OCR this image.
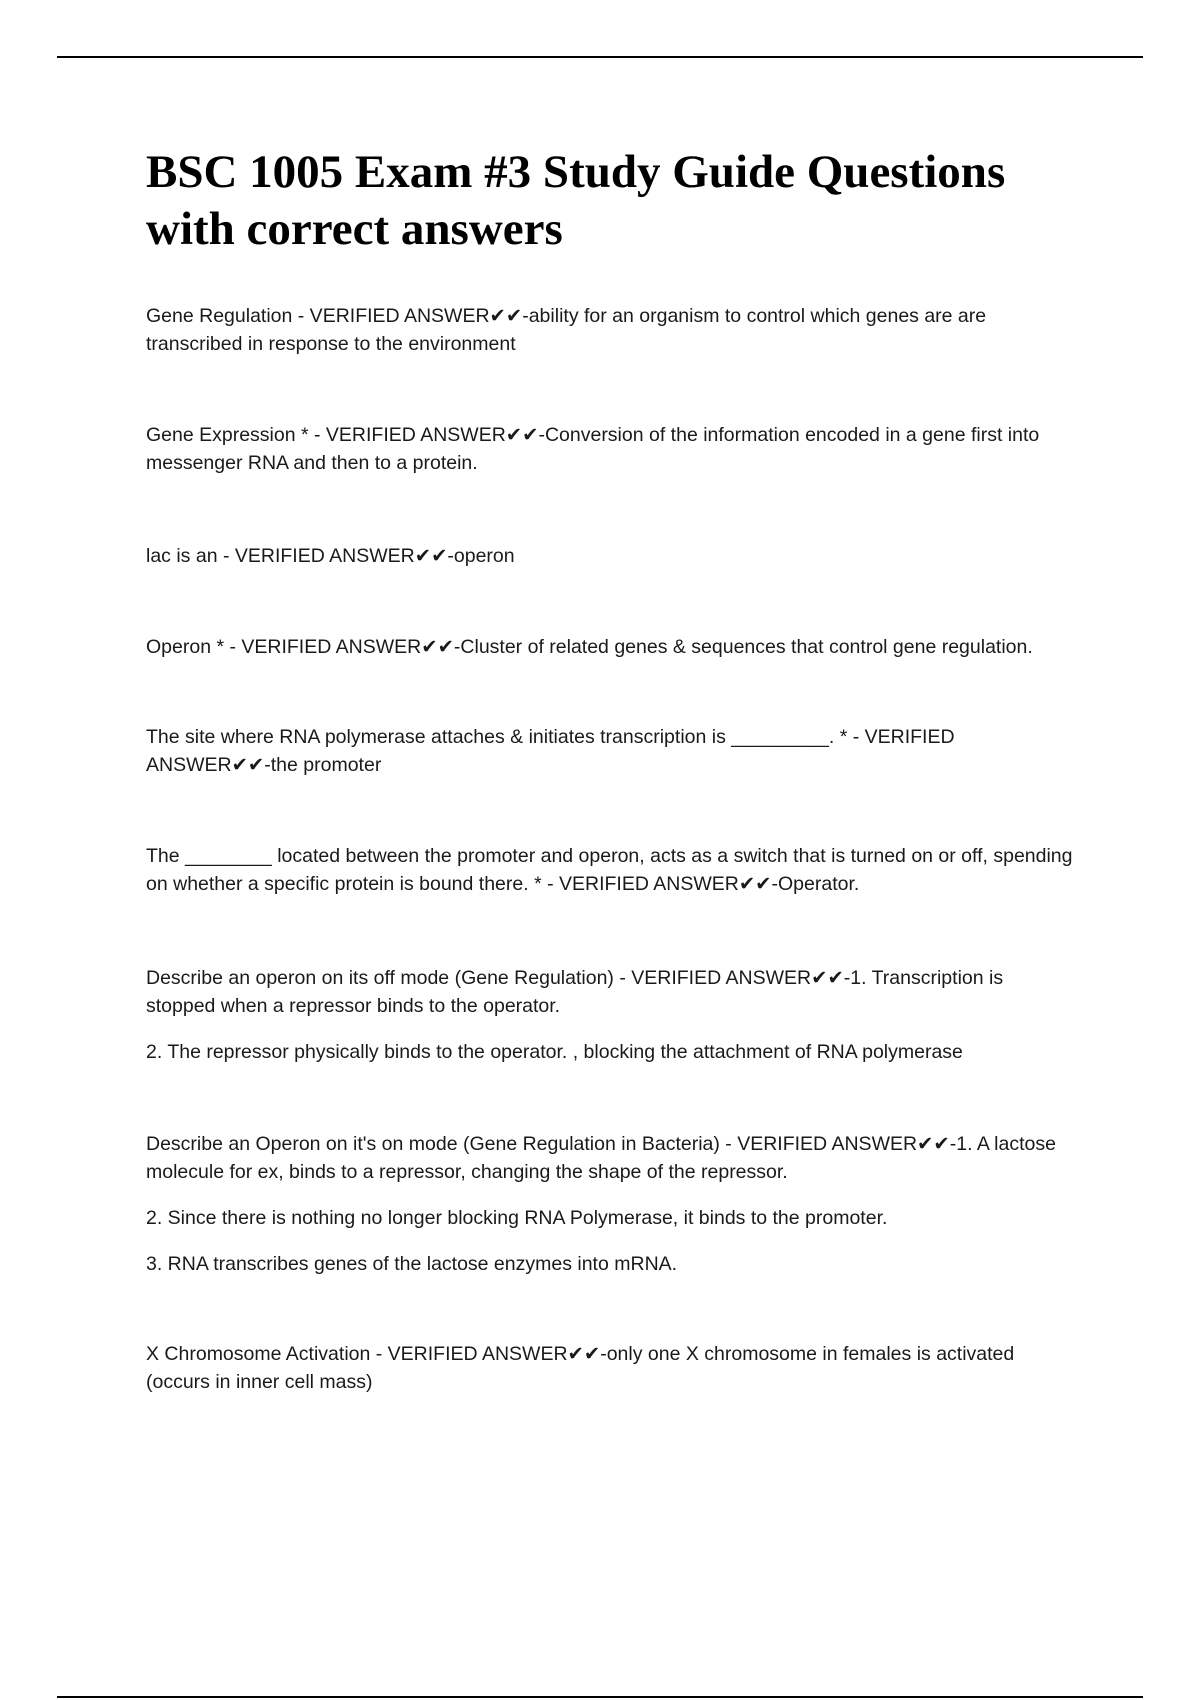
BSC 1005 Exam #3 Study Guide Questions with correct answers

Gene Regulation - VERIFIED ANSWER✔✔-ability for an organism to control which genes are are transcribed in response to the environment

Gene Expression * - VERIFIED ANSWER✔✔-Conversion of the information encoded in a gene first into messenger RNA and then to a protein.

lac is an - VERIFIED ANSWER✔✔-operon

Operon * - VERIFIED ANSWER✔✔-Cluster of related genes & sequences that control gene regulation.

The site where RNA polymerase attaches & initiates transcription is _________. * - VERIFIED ANSWER✔✔-the promoter

The ________ located between the promoter and operon, acts as a switch that is turned on or off, spending on whether a specific protein is bound there. * - VERIFIED ANSWER✔✔-Operator.

Describe an operon on its off mode (Gene Regulation) - VERIFIED ANSWER✔✔-1. Transcription is stopped when a repressor binds to the operator.

2. The repressor physically binds to the operator. , blocking the attachment of RNA polymerase

Describe an Operon on it's on mode (Gene Regulation in Bacteria) - VERIFIED ANSWER✔✔-1. A lactose molecule for ex, binds to a repressor, changing the shape of the repressor.

2. Since there is nothing no longer blocking RNA Polymerase, it binds to the promoter.

3. RNA transcribes genes of the lactose enzymes into mRNA.

X Chromosome Activation - VERIFIED ANSWER✔✔-only one X chromosome in females is activated (occurs in inner cell mass)
